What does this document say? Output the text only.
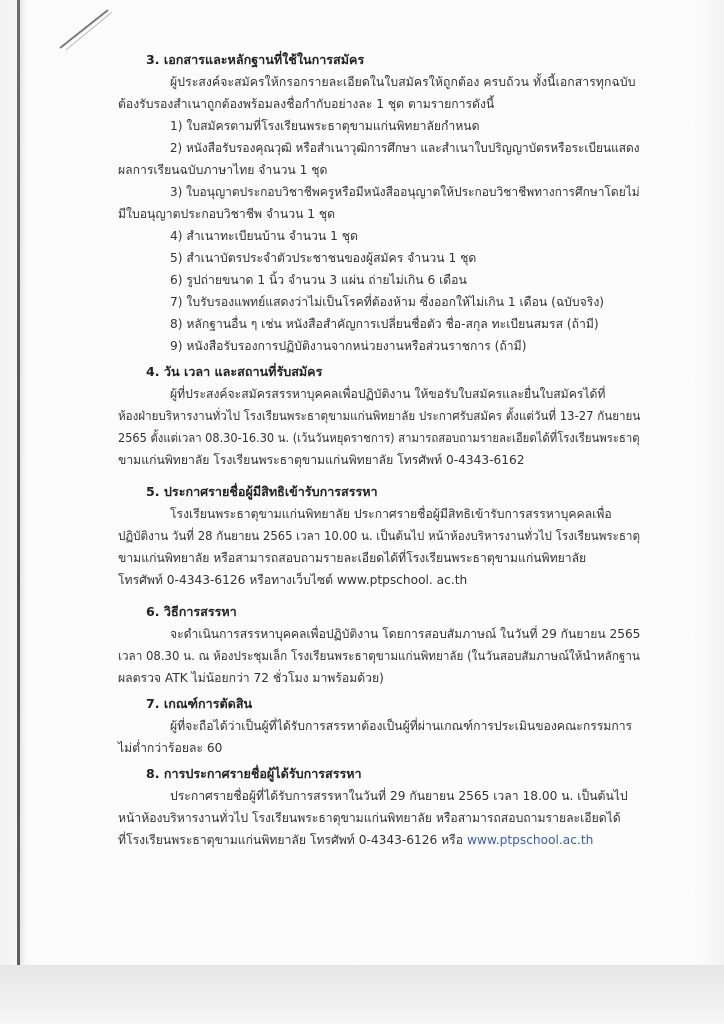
3. เอกสารและหลักฐานที่ใช้ในการสมัคร
ผู้ประสงค์จะสมัครให้กรอกรายละเอียดในใบสมัครให้ถูกต้อง ครบถ้วน ทั้งนี้เอกสารทุกฉบับ
ต้องรับรองสำเนาถูกต้องพร้อมลงชื่อกำกับอย่างละ 1 ชุด ตามรายการดังนี้
1) ใบสมัครตามที่โรงเรียนพระธาตุขามแก่นพิทยาลัยกำหนด
2) หนังสือรับรองคุณวุฒิ หรือสำเนาวุฒิการศึกษา และสำเนาใบปริญญาบัตรหรือระเบียนแสดง
ผลการเรียนฉบับภาษาไทย จำนวน 1 ชุด
3) ใบอนุญาตประกอบวิชาชีพครูหรือมีหนังสืออนุญาตให้ประกอบวิชาชีพทางการศึกษาโดยไม่
มีใบอนุญาตประกอบวิชาชีพ จำนวน 1 ชุด
4) สำเนาทะเบียนบ้าน จำนวน 1 ชุด
5) สำเนาบัตรประจำตัวประชาชนของผู้สมัคร จำนวน 1 ชุด
6) รูปถ่ายขนาด 1 นิ้ว จำนวน 3 แผ่น ถ่ายไม่เกิน 6 เดือน
7) ใบรับรองแพทย์แสดงว่าไม่เป็นโรคที่ต้องห้าม ซึ่งออกให้ไม่เกิน 1 เดือน (ฉบับจริง)
8) หลักฐานอื่น ๆ เช่น หนังสือสำคัญการเปลี่ยนชื่อตัว ชื่อ-สกุล ทะเบียนสมรส (ถ้ามี)
9) หนังสือรับรองการปฏิบัติงานจากหน่วยงานหรือส่วนราชการ (ถ้ามี)
4. วัน เวลา และสถานที่รับสมัคร
ผู้ที่ประสงค์จะสมัครสรรหาบุคคลเพื่อปฏิบัติงาน ให้ขอรับใบสมัครและยื่นใบสมัครได้ที่
ห้องฝ่ายบริหารงานทั่วไป โรงเรียนพระธาตุขามแก่นพิทยาลัย ประกาศรับสมัคร ตั้งแต่วันที่ 13-27 กันยายน
2565 ตั้งแต่เวลา 08.30-16.30 น. (เว้นวันหยุดราชการ) สามารถสอบถามรายละเอียดได้ที่โรงเรียนพระธาตุ
ขามแก่นพิทยาลัย โรงเรียนพระธาตุขามแก่นพิทยาลัย โทรศัพท์ 0-4343-6162
5. ประกาศรายชื่อผู้มีสิทธิเข้ารับการสรรหา
โรงเรียนพระธาตุขามแก่นพิทยาลัย ประกาศรายชื่อผู้มีสิทธิเข้ารับการสรรหาบุคคลเพื่อ
ปฏิบัติงาน วันที่ 28 กันยายน 2565 เวลา 10.00 น. เป็นต้นไป หน้าห้องบริหารงานทั่วไป โรงเรียนพระธาตุ
ขามแก่นพิทยาลัย หรือสามารถสอบถามรายละเอียดได้ที่โรงเรียนพระธาตุขามแก่นพิทยาลัย
โทรศัพท์ 0-4343-6126 หรือทางเว็บไซต์ www.ptpschool. ac.th
6. วิธีการสรรหา
จะดำเนินการสรรหาบุคคลเพื่อปฏิบัติงาน โดยการสอบสัมภาษณ์ ในวันที่ 29 กันยายน 2565
เวลา 08.30 น. ณ ห้องประชุมเล็ก โรงเรียนพระธาตุขามแก่นพิทยาลัย (ในวันสอบสัมภาษณ์ให้นำหลักฐาน
ผลตรวจ ATK ไม่น้อยกว่า 72 ชั่วโมง มาพร้อมด้วย)
7. เกณฑ์การตัดสิน
ผู้ที่จะถือได้ว่าเป็นผู้ที่ได้รับการสรรหาต้องเป็นผู้ที่ผ่านเกณฑ์การประเมินของคณะกรรมการ
ไม่ต่ำกว่าร้อยละ 60
8. การประกาศรายชื่อผู้ได้รับการสรรหา
ประกาศรายชื่อผู้ที่ได้รับการสรรหาในวันที่ 29 กันยายน 2565 เวลา 18.00 น. เป็นต้นไป
หน้าห้องบริหารงานทั่วไป โรงเรียนพระธาตุขามแก่นพิทยาลัย หรือสามารถสอบถามรายละเอียดได้
ที่โรงเรียนพระธาตุขามแก่นพิทยาลัย โทรศัพท์ 0-4343-6126 หรือ www.ptpschool.ac.th
